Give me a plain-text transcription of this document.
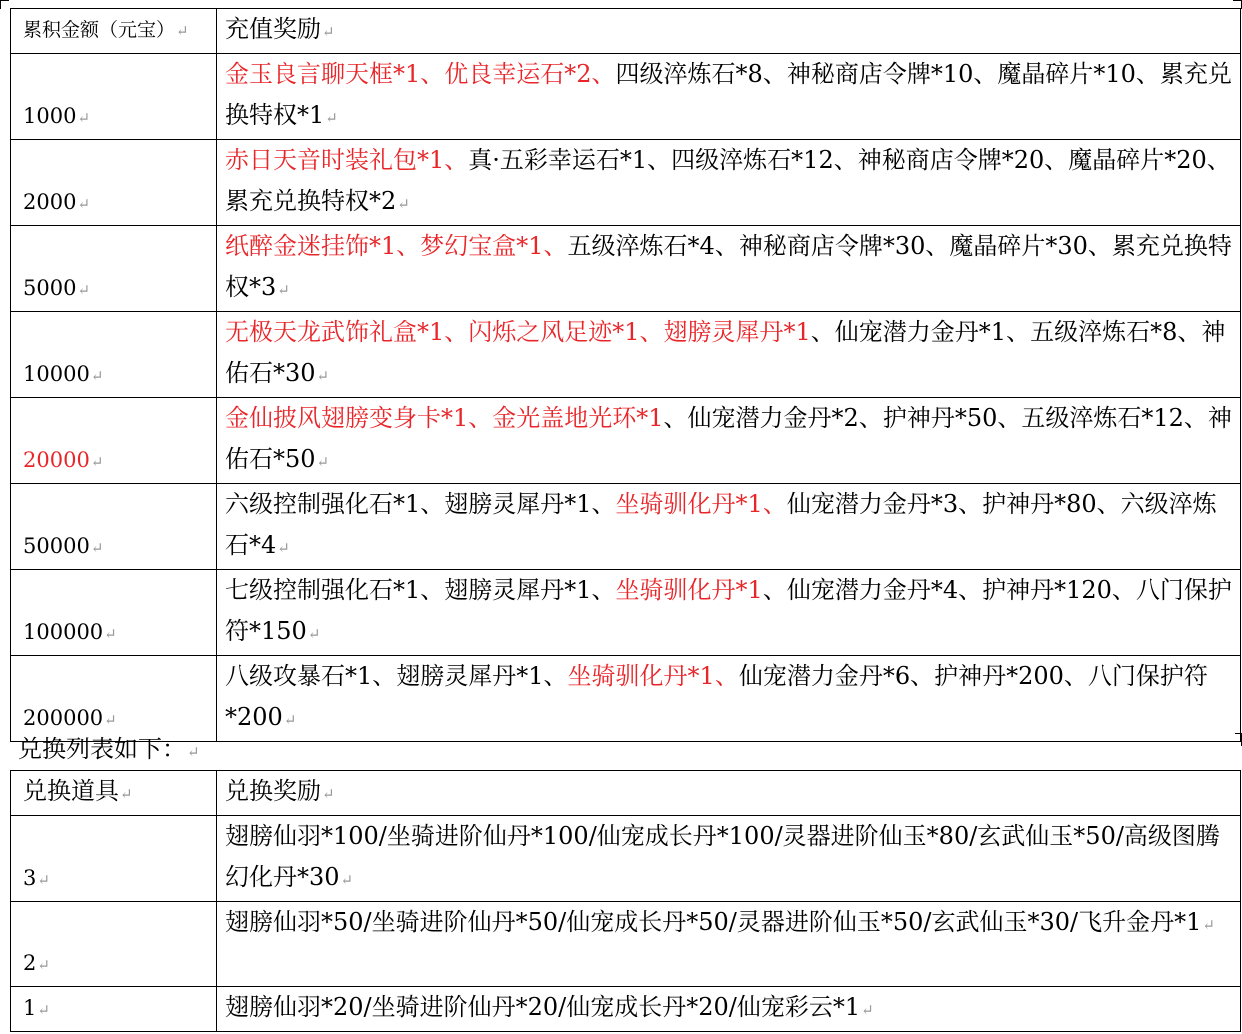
累积金额（元宝）↵	充值奖励↵
1000↵	金玉良言聊天框*1、优良幸运石*2、四级淬炼石*8、神秘商店令牌*10、魔晶碎片*10、累充兑换特权*1↵
2000↵	赤日天音时装礼包*1、真·五彩幸运石*1、四级淬炼石*12、神秘商店令牌*20、魔晶碎片*20、累充兑换特权*2↵
5000↵	纸醉金迷挂饰*1、梦幻宝盒*1、五级淬炼石*4、神秘商店令牌*30、魔晶碎片*30、累充兑换特权*3↵
10000↵	无极天龙武饰礼盒*1、闪烁之风足迹*1、翅膀灵犀丹*1、仙宠潜力金丹*1、五级淬炼石*8、神佑石*30↵
20000↵	金仙披风翅膀变身卡*1、金光盖地光环*1、仙宠潜力金丹*2、护神丹*50、五级淬炼石*12、神佑石*50↵
50000↵	六级控制强化石*1、翅膀灵犀丹*1、坐骑驯化丹*1、仙宠潜力金丹*3、护神丹*80、六级淬炼石*4↵
100000↵	七级控制强化石*1、翅膀灵犀丹*1、坐骑驯化丹*1、仙宠潜力金丹*4、护神丹*120、八门保护符*150↵
200000↵	八级攻暴石*1、翅膀灵犀丹*1、坐骑驯化丹*1、仙宠潜力金丹*6、护神丹*200、八门保护符*200↵
兑换列表如下：↵
兑换道具↵	兑换奖励↵
3↵	翅膀仙羽*100/坐骑进阶仙丹*100/仙宠成长丹*100/灵器进阶仙玉*80/玄武仙玉*50/高级图腾幻化丹*30↵
2↵	翅膀仙羽*50/坐骑进阶仙丹*50/仙宠成长丹*50/灵器进阶仙玉*50/玄武仙玉*30/飞升金丹*1↵
1↵	翅膀仙羽*20/坐骑进阶仙丹*20/仙宠成长丹*20/仙宠彩云*1↵
